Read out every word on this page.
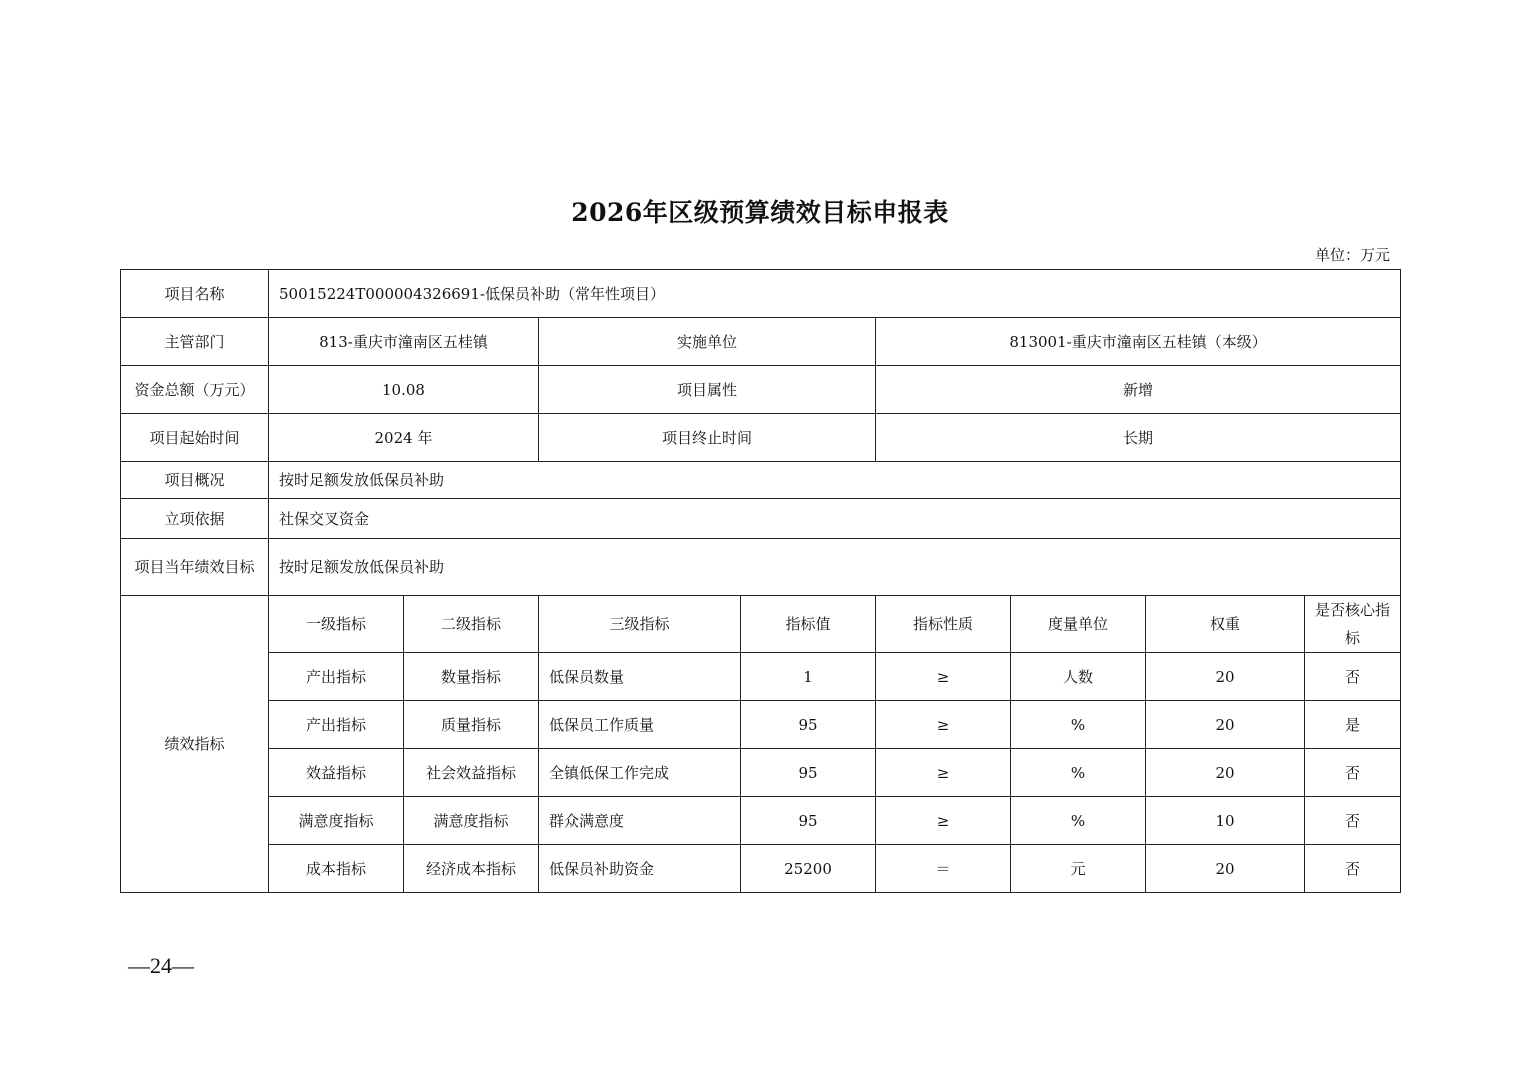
2026年区级预算绩效目标申报表
单位：万元
项目名称	50015224T000004326691-低保员补助（常年性项目）							
主管部门	813-重庆市潼南区五桂镇		实施单位		813001-重庆市潼南区五桂镇（本级）			
资金总额（万元）	10.08		项目属性		新增			
项目起始时间	2024 年		项目终止时间		长期			
项目概况	按时足额发放低保员补助							
立项依据	社保交叉资金							
项目当年绩效目标	按时足额发放低保员补助							
绩效指标	一级指标	二级指标	三级指标	指标值	指标性质	度量单位	权重	是否核心指标
	产出指标	数量指标	低保员数量	1	≥	人数	20	否
	产出指标	质量指标	低保员工作质量	95	≥	%	20	是
	效益指标	社会效益指标	全镇低保工作完成	95	≥	%	20	否
	满意度指标	满意度指标	群众满意度	95	≥	%	10	否
	成本指标	经济成本指标	低保员补助资金	25200	＝	元	20	否
—24—
